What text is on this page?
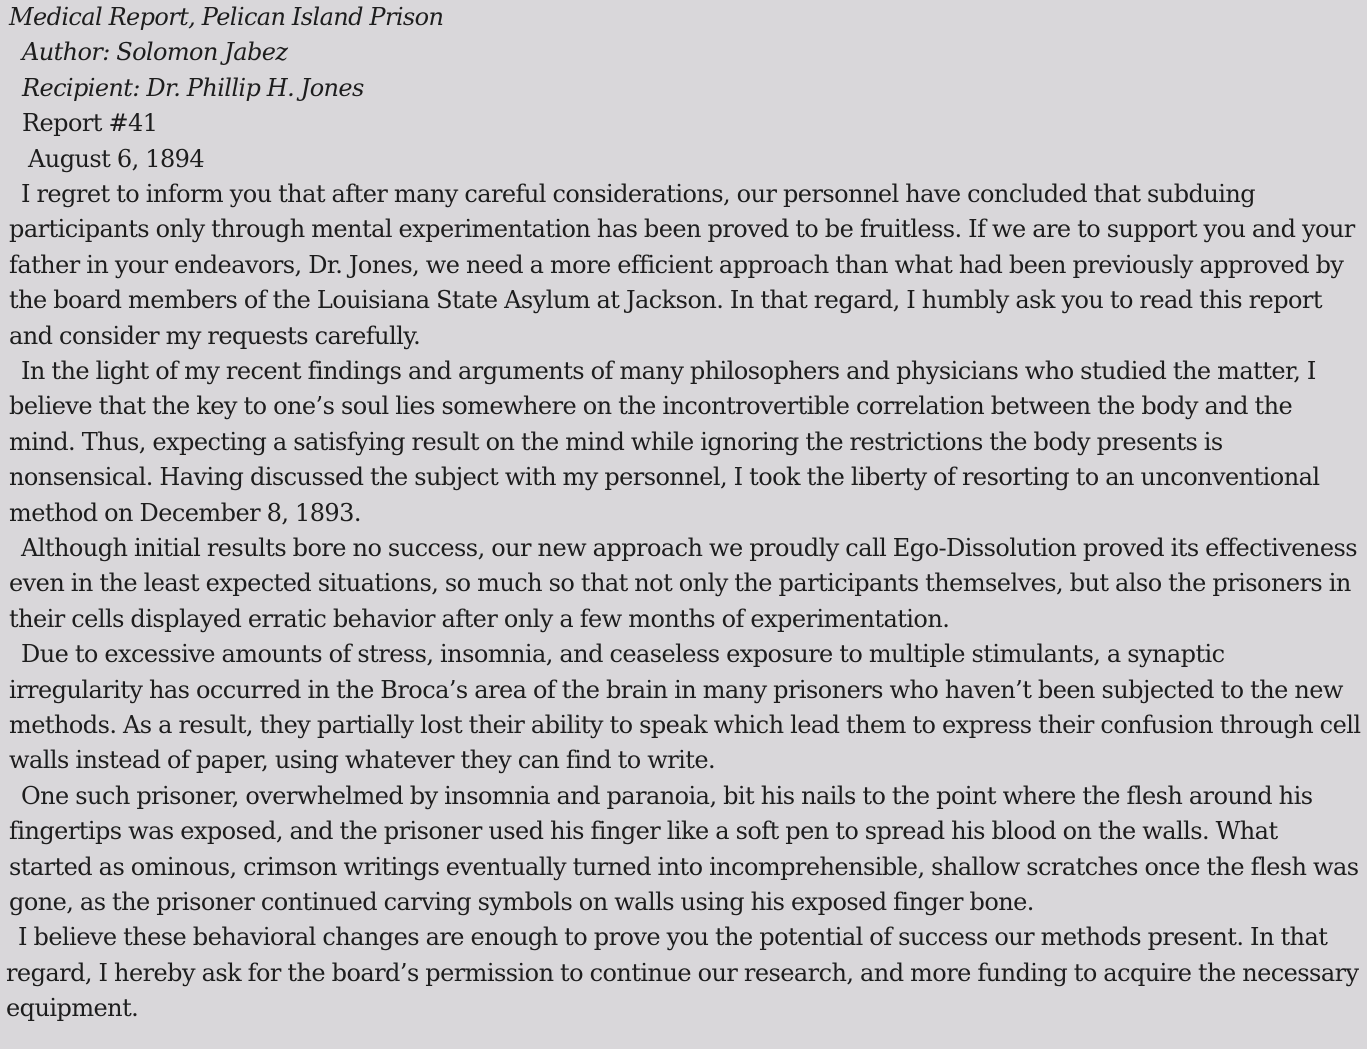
Medical Report, Pelican Island Prison
Author: Solomon Jabez
Recipient: Dr. Phillip H. Jones
Report #41
August 6, 1894

I regret to inform you that after many careful considerations, our personnel have concluded that subduing participants only through mental experimentation has been proved to be fruitless. If we are to support you and your father in your endeavors, Dr. Jones, we need a more efficient approach than what had been previously approved by the board members of the Louisiana State Asylum at Jackson. In that regard, I humbly ask you to read this report and consider my requests carefully.

In the light of my recent findings and arguments of many philosophers and physicians who studied the matter, I believe that the key to one’s soul lies somewhere on the incontrovertible correlation between the body and the mind. Thus, expecting a satisfying result on the mind while ignoring the restrictions the body presents is nonsensical. Having discussed the subject with my personnel, I took the liberty of resorting to an unconventional method on December 8, 1893.

Although initial results bore no success, our new approach we proudly call Ego-Dissolution proved its effectiveness even in the least expected situations, so much so that not only the participants themselves, but also the prisoners in their cells displayed erratic behavior after only a few months of experimentation.

Due to excessive amounts of stress, insomnia, and ceaseless exposure to multiple stimulants, a synaptic irregularity has occurred in the Broca’s area of the brain in many prisoners who haven’t been subjected to the new methods. As a result, they partially lost their ability to speak which lead them to express their confusion through cell walls instead of paper, using whatever they can find to write.

One such prisoner, overwhelmed by insomnia and paranoia, bit his nails to the point where the flesh around his fingertips was exposed, and the prisoner used his finger like a soft pen to spread his blood on the walls. What started as ominous, crimson writings eventually turned into incomprehensible, shallow scratches once the flesh was gone, as the prisoner continued carving symbols on walls using his exposed finger bone.

I believe these behavioral changes are enough to prove you the potential of success our methods present. In that regard, I hereby ask for the board’s permission to continue our research, and more funding to acquire the necessary equipment.
